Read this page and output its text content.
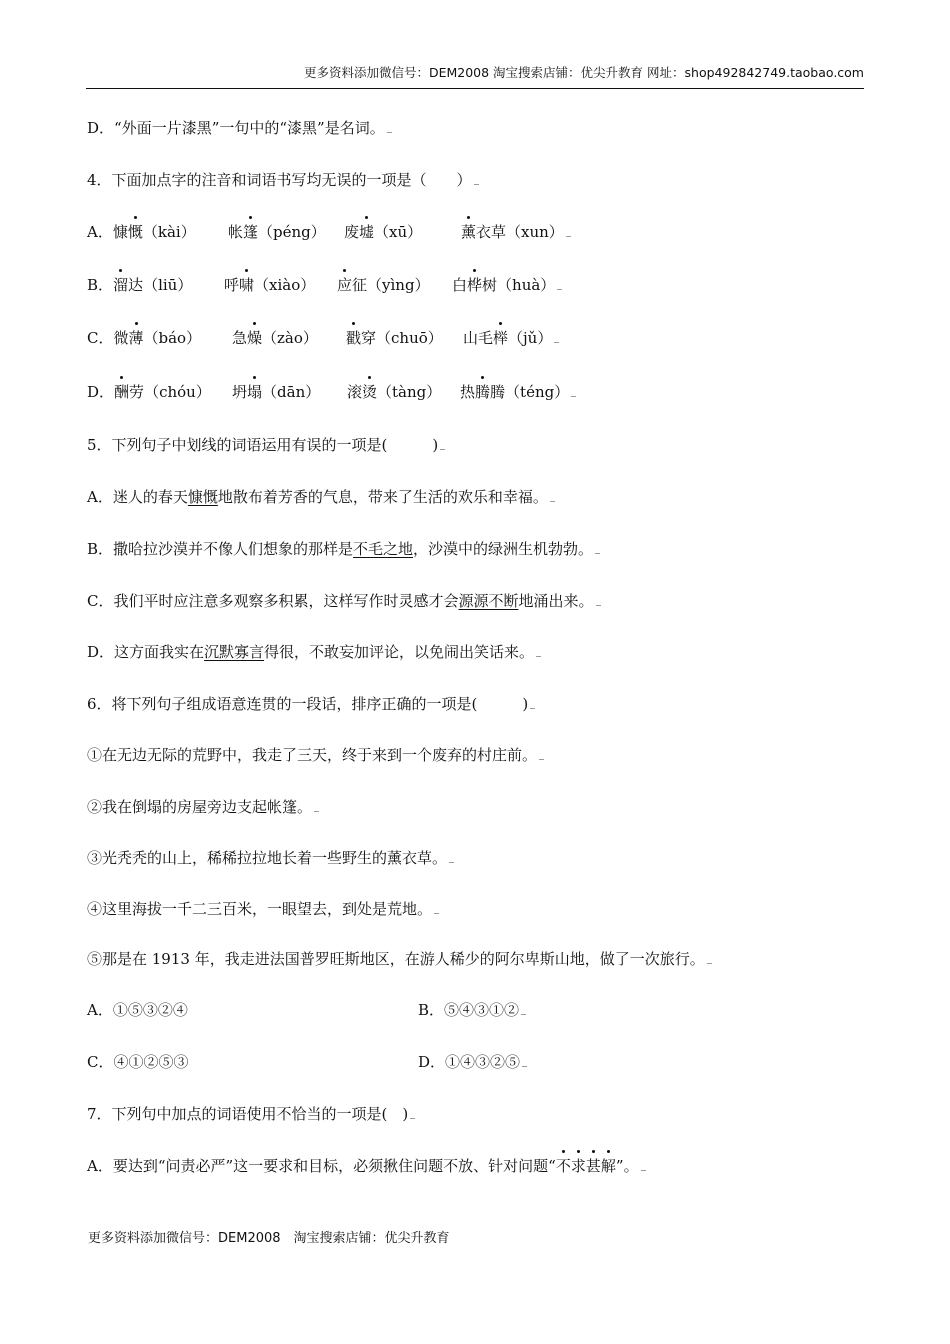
更多资料添加微信号：DEM2008 淘宝搜索店铺：优尖升教育 网址：shop492842749.taobao.com
D．“外面一片漆黑”一句中的“漆黑”是名词。
4．下面加点字的注音和词语书写均无误的一项是（　　）
A．慷慨（kài） 帐篷（péng） 废墟（xū）	薰衣草（xun）
B．溜达（liū） 呼啸（xiào） 应征（yìng） 白桦树（huà）
C．微薄（báo） 急燥（zào） 戳穿（chuō） 山毛榉（jǔ）
D．酬劳（chóu） 坍塌（dān） 滚烫（tàng） 热腾腾（téng）
5．下列句子中划线的词语运用有误的一项是(　　　)
A．迷人的春天慷慨地散布着芳香的气息，带来了生活的欢乐和幸福。
B．撒哈拉沙漠并不像人们想象的那样是不毛之地，沙漠中的绿洲生机勃勃。
C．我们平时应注意多观察多积累，这样写作时灵感才会源源不断地涌出来。
D．这方面我实在沉默寡言得很，不敢妄加评论，以免闹出笑话来。
6．将下列句子组成语意连贯的一段话，排序正确的一项是(　　　)
①在无边无际的荒野中，我走了三天，终于来到一个废弃的村庄前。
②我在倒塌的房屋旁边支起帐篷。
③光秃秃的山上，稀稀拉拉地长着一些野生的薰衣草。
④这里海拔一千二三百米，一眼望去，到处是荒地。
⑤那是在 1913 年，我走进法国普罗旺斯地区，在游人稀少的阿尔卑斯山地，做了一次旅行。
A．①⑤③②④	B．⑤④③①②
C．④①②⑤③	D．①④③②⑤
7．下列句中加点的词语使用不恰当的一项是(　)
A．要达到“问责必严”这一要求和目标，必须揪住问题不放、针对问题“不求甚解”。
更多资料添加微信号：DEM2008　淘宝搜索店铺：优尖升教育
